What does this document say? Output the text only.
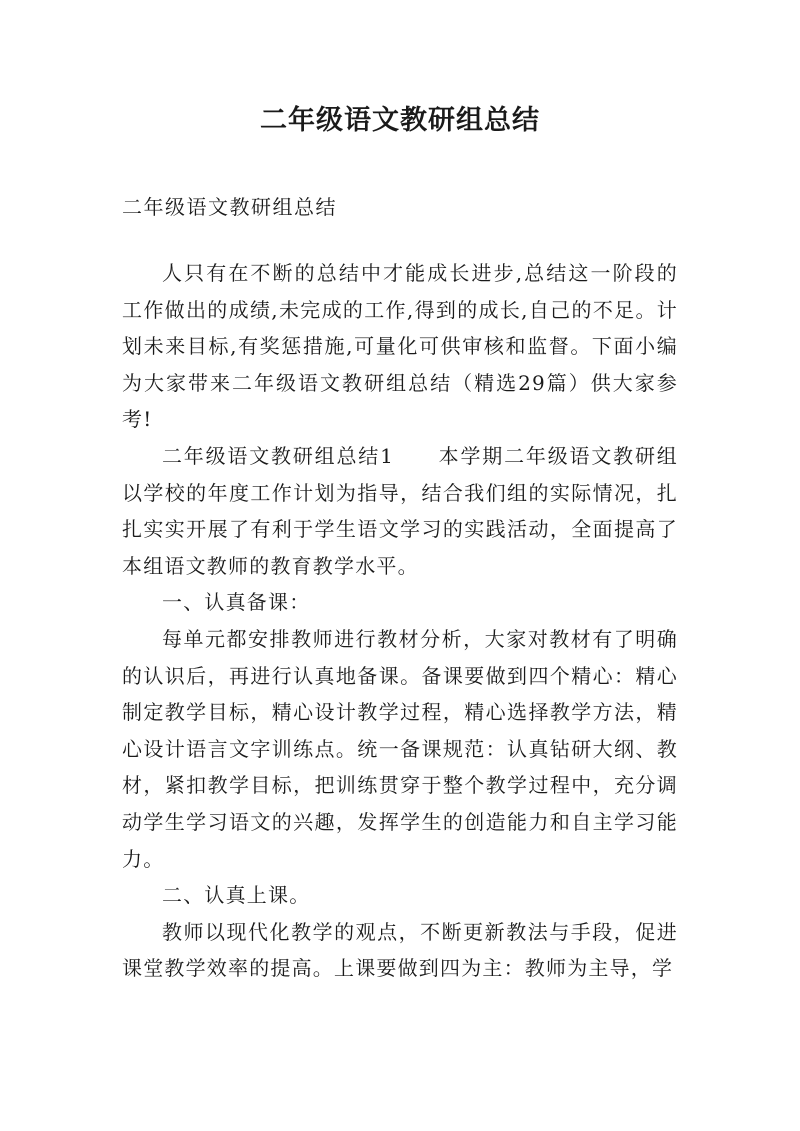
二年级语文教研组总结

二年级语文教研组总结

人只有在不断的总结中才能成长进步,总结这一阶段的工作做出的成绩,未完成的工作,得到的成长,自己的不足。计划未来目标,有奖惩措施,可量化可供审核和监督。下面小编为大家带来二年级语文教研组总结（精选29篇）供大家参考!

二年级语文教研组总结1 本学期二年级语文教研组以学校的年度工作计划为指导，结合我们组的实际情况，扎扎实实开展了有利于学生语文学习的实践活动，全面提高了本组语文教师的教育教学水平。

一、认真备课：

每单元都安排教师进行教材分析，大家对教材有了明确的认识后，再进行认真地备课。备课要做到四个精心：精心制定教学目标，精心设计教学过程，精心选择教学方法，精心设计语言文字训练点。统一备课规范：认真钻研大纲、教材，紧扣教学目标，把训练贯穿于整个教学过程中，充分调动学生学习语文的兴趣，发挥学生的创造能力和自主学习能力。

二、认真上课。

教师以现代化教学的观点，不断更新教法与手段，促进课堂教学效率的提高。上课要做到四为主：教师为主导，学
